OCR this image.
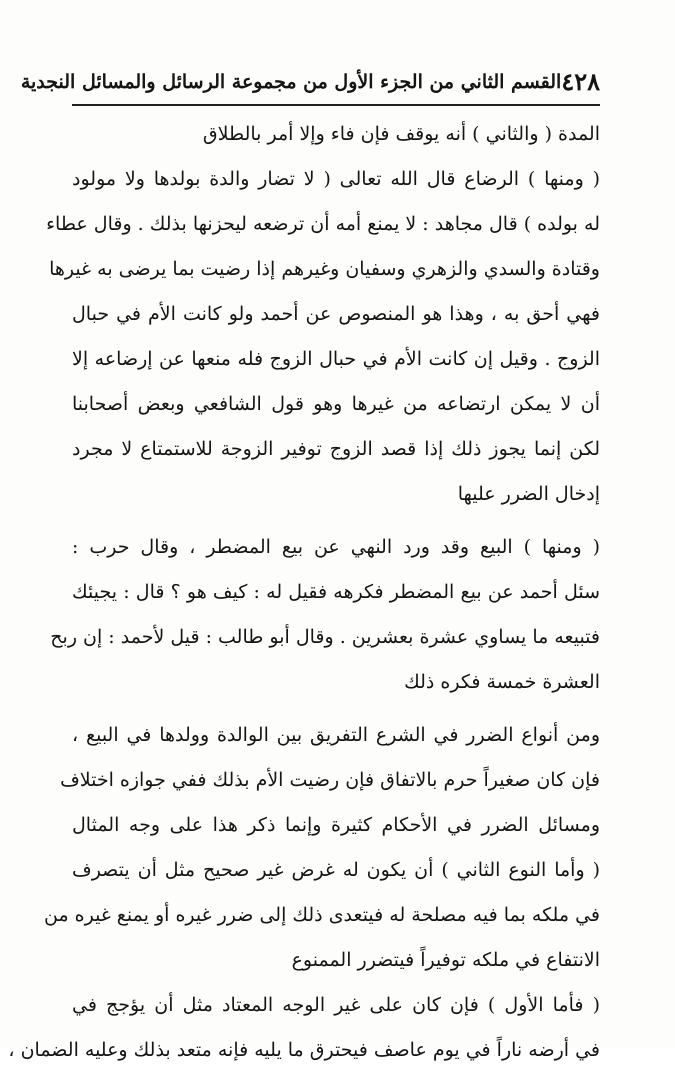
٤٢٨
القسم الثاني من الجزء الأول من مجموعة الرسائل والمسائل النجدية
المدة ( والثاني ) أنه يوقف فإن فاء وإلا أمر بالطلاق
( ومنها ) الرضاع قال الله تعالى ( لا تضار والدة بولدها ولا مولود
له بولده ) قال مجاهد : لا يمنع أمه أن ترضعه ليحزنها بذلك . وقال عطاء
وقتادة والسدي والزهري وسفيان وغيرهم إذا رضيت بما يرضى به غيرها
فهي أحق به ، وهذا هو المنصوص عن أحمد ولو كانت الأم في حبال
الزوج . وقيل إن كانت الأم في حبال الزوج فله منعها عن إرضاعه إلا
أن لا يمكن ارتضاعه من غيرها وهو قول الشافعي وبعض أصحابنا
لكن إنما يجوز ذلك إذا قصد الزوج توفير الزوجة للاستمتاع لا مجرد
إدخال الضرر عليها
( ومنها ) البيع وقد ورد النهي عن بيع المضطر ، وقال حرب :
سئل أحمد عن بيع المضطر فكرهه فقيل له : كيف هو ؟ قال : يجيئك
فتبيعه ما يساوي عشرة بعشرين . وقال أبو طالب : قيل لأحمد : إن ربح
العشرة خمسة فكره ذلك
ومن أنواع الضرر في الشرع التفريق بين الوالدة وولدها في البيع ،
فإن كان صغيراً حرم بالاتفاق فإن رضيت الأم بذلك ففي جوازه اختلاف
ومسائل الضرر في الأحكام كثيرة وإنما ذكر هذا على وجه المثال
( وأما النوع الثاني ) أن يكون له غرض غير صحيح مثل أن يتصرف
في ملكه بما فيه مصلحة له فيتعدى ذلك إلى ضرر غيره أو يمنع غيره من
الانتفاع في ملكه توفيراً فيتضرر الممنوع
( فأما الأول ) فإن كان على غير الوجه المعتاد مثل أن يؤجج في
في أرضه ناراً في يوم عاصف فيحترق ما يليه فإنه متعد بذلك وعليه الضمان ،
